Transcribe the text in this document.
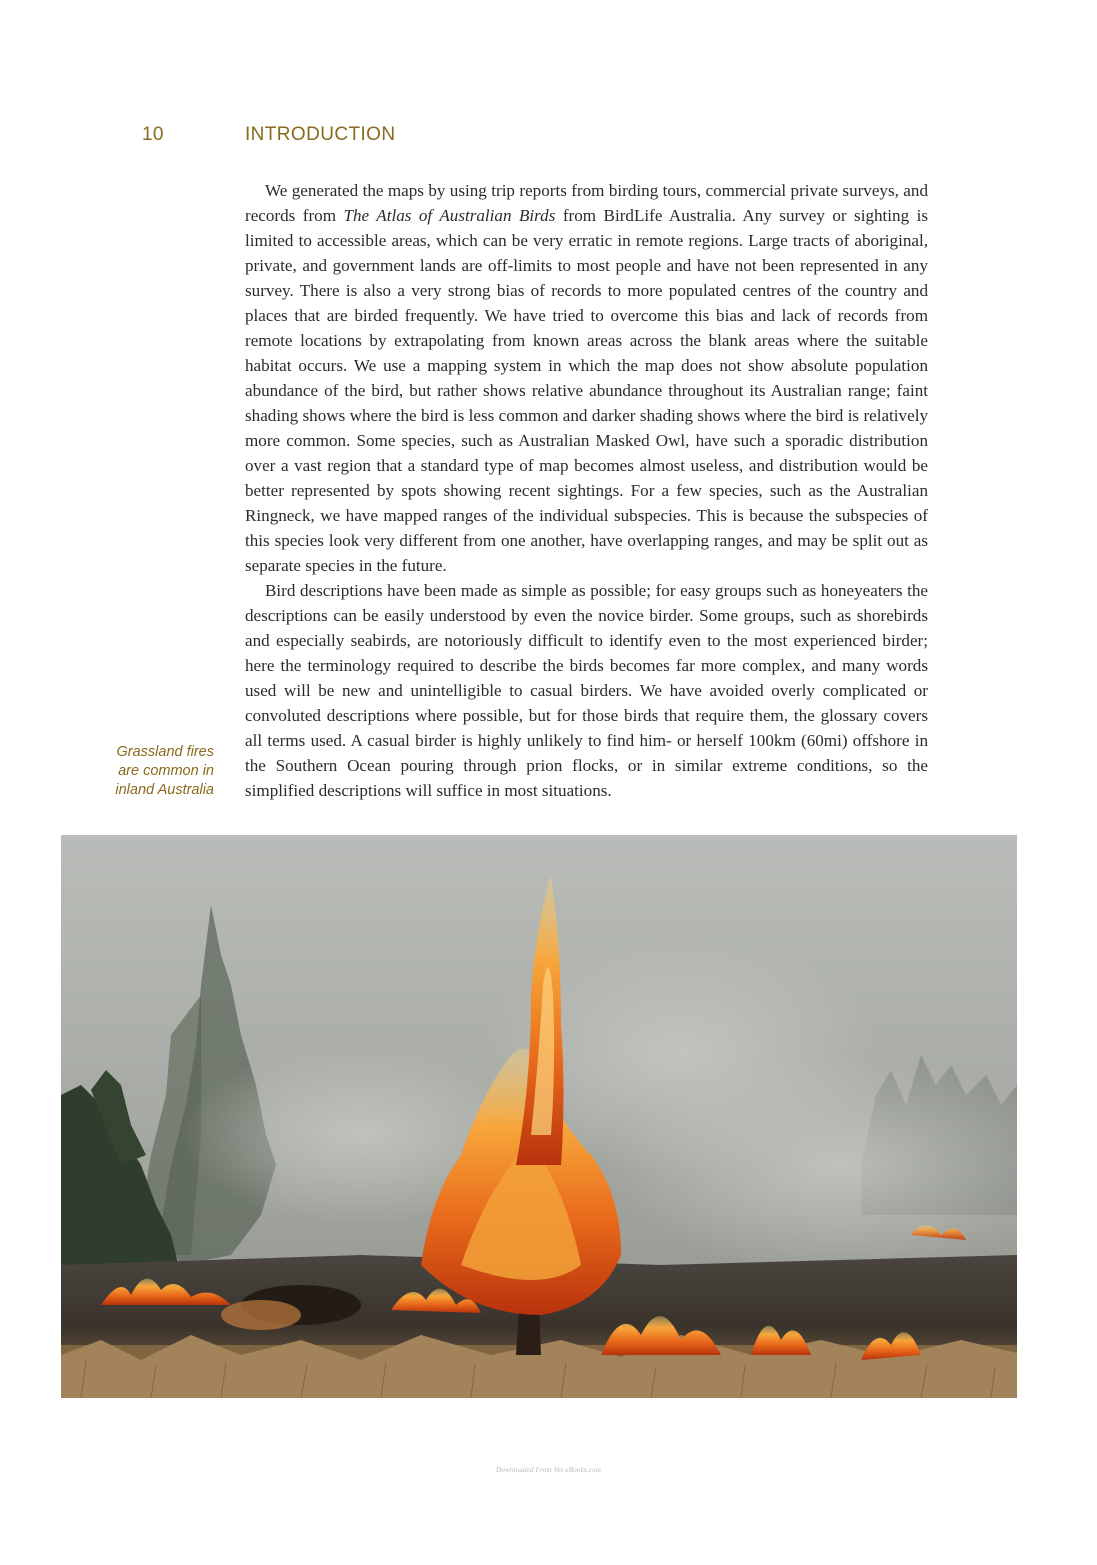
10	INTRODUCTION

We generated the maps by using trip reports from birding tours, commercial private surveys, and records from The Atlas of Australian Birds from BirdLife Australia. Any survey or sighting is limited to accessible areas, which can be very erratic in remote regions. Large tracts of aboriginal, private, and government lands are off-limits to most people and have not been represented in any survey. There is also a very strong bias of records to more populated centres of the country and places that are birded frequently. We have tried to overcome this bias and lack of records from remote locations by extrapolating from known areas across the blank areas where the suitable habitat occurs. We use a mapping system in which the map does not show absolute population abundance of the bird, but rather shows relative abundance throughout its Australian range; faint shading shows where the bird is less common and darker shading shows where the bird is relatively more common. Some species, such as Australian Masked Owl, have such a sporadic distribution over a vast region that a standard type of map becomes almost useless, and distribution would be better represented by spots showing recent sightings. For a few species, such as the Australian Ringneck, we have mapped ranges of the individual subspecies. This is because the subspecies of this species look very different from one another, have overlapping ranges, and may be split out as separate species in the future.

Bird descriptions have been made as simple as possible; for easy groups such as honeyeaters the descriptions can be easily understood by even the novice birder. Some groups, such as shorebirds and especially seabirds, are notoriously difficult to identify even to the most experienced birder; here the terminology required to describe the birds becomes far more complex, and many words used will be new and unintelligible to casual birders. We have avoided overly complicated or convoluted descriptions where possible, but for those birds that require them, the glossary covers all terms used. A casual birder is highly unlikely to find him- or herself 100km (60mi) offshore in the Southern Ocean pouring through prion flocks, or in similar extreme conditions, so the simplified descriptions will suffice in most situations.

Grassland fires
are common in
inland Australia
Downloaded From Vet-eBooks.com
